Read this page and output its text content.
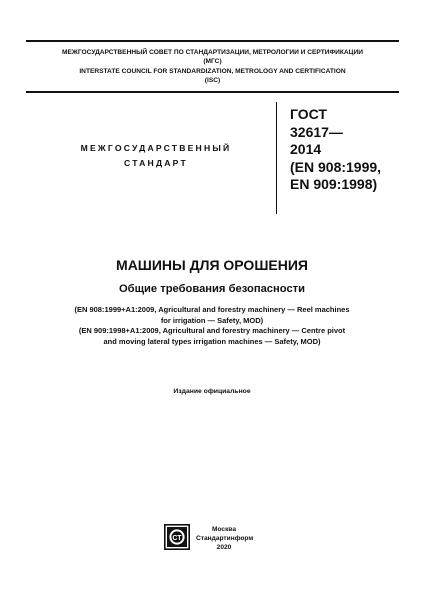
МЕЖГОСУДАРСТВЕННЫЙ СОВЕТ ПО СТАНДАРТИЗАЦИИ, МЕТРОЛОГИИ И СЕРТИФИКАЦИИ
(МГС)
INTERSTATE COUNCIL FOR STANDARDIZATION, METROLOGY AND CERTIFICATION
(ISC)
МЕЖГОСУДАРСТВЕННЫЙ
СТАНДАРТ
ГОСТ
32617—
2014
(EN 908:1999,
EN 909:1998)
МАШИНЫ ДЛЯ ОРОШЕНИЯ
Общие требования безопасности
(EN 908:1999+A1:2009, Agricultural and forestry machinery — Reel machines
for irrigation — Safety, MOD)
(EN 909:1998+A1:2009, Agricultural and forestry machinery — Centre pivot
and moving lateral types irrigation machines — Safety, MOD)
Издание официальное
СТ
Москва
Стандартинформ
2020
